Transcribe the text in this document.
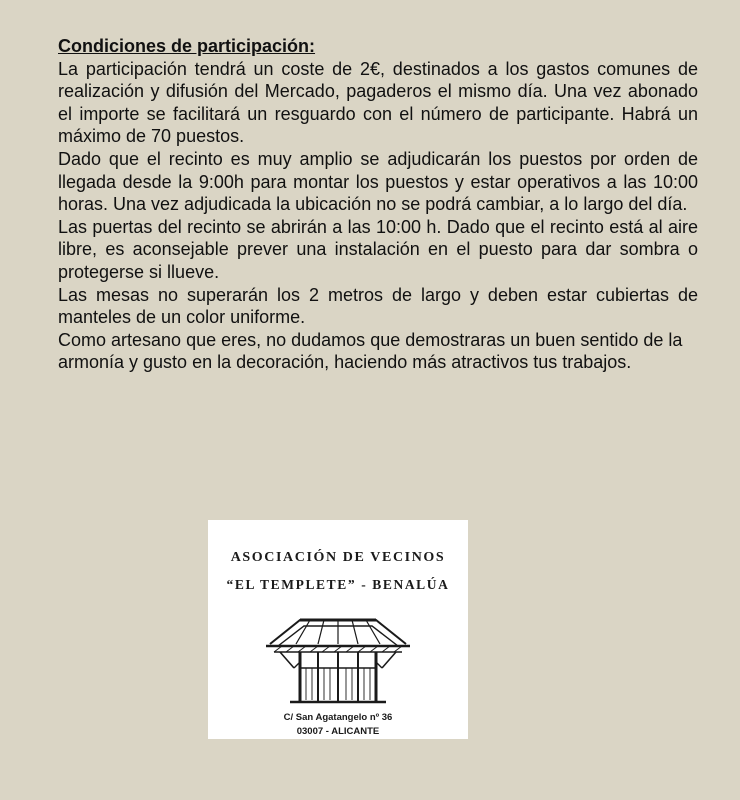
Condiciones de participación:

La participación tendrá un coste de 2€, destinados a los gastos comunes de realización y difusión del Mercado, pagaderos el mismo día. Una vez abonado el importe se facilitará un resguardo con el número de participante. Habrá un máximo de 70 puestos.

Dado que el recinto es muy amplio se adjudicarán los puestos por orden de llegada desde la 9:00h para montar los puestos y estar operativos a las 10:00 horas. Una vez adjudicada la ubicación no se podrá cambiar, a lo largo del día.

Las puertas del recinto se abrirán a las 10:00 h. Dado que el recinto está al aire libre, es aconsejable prever una instalación en el puesto para dar sombra o protegerse si llueve.

Las mesas no superarán los 2 metros de largo y deben estar cubiertas de manteles de un color uniforme.

Como artesano que eres, no dudamos que demostraras un buen sentido de la armonía y gusto en la decoración, haciendo más atractivos tus trabajos.

ASOCIACIÓN DE VECINOS
“EL TEMPLETE” - BENALÚA
C/ San Agatangelo nº 36
03007 - ALICANTE
